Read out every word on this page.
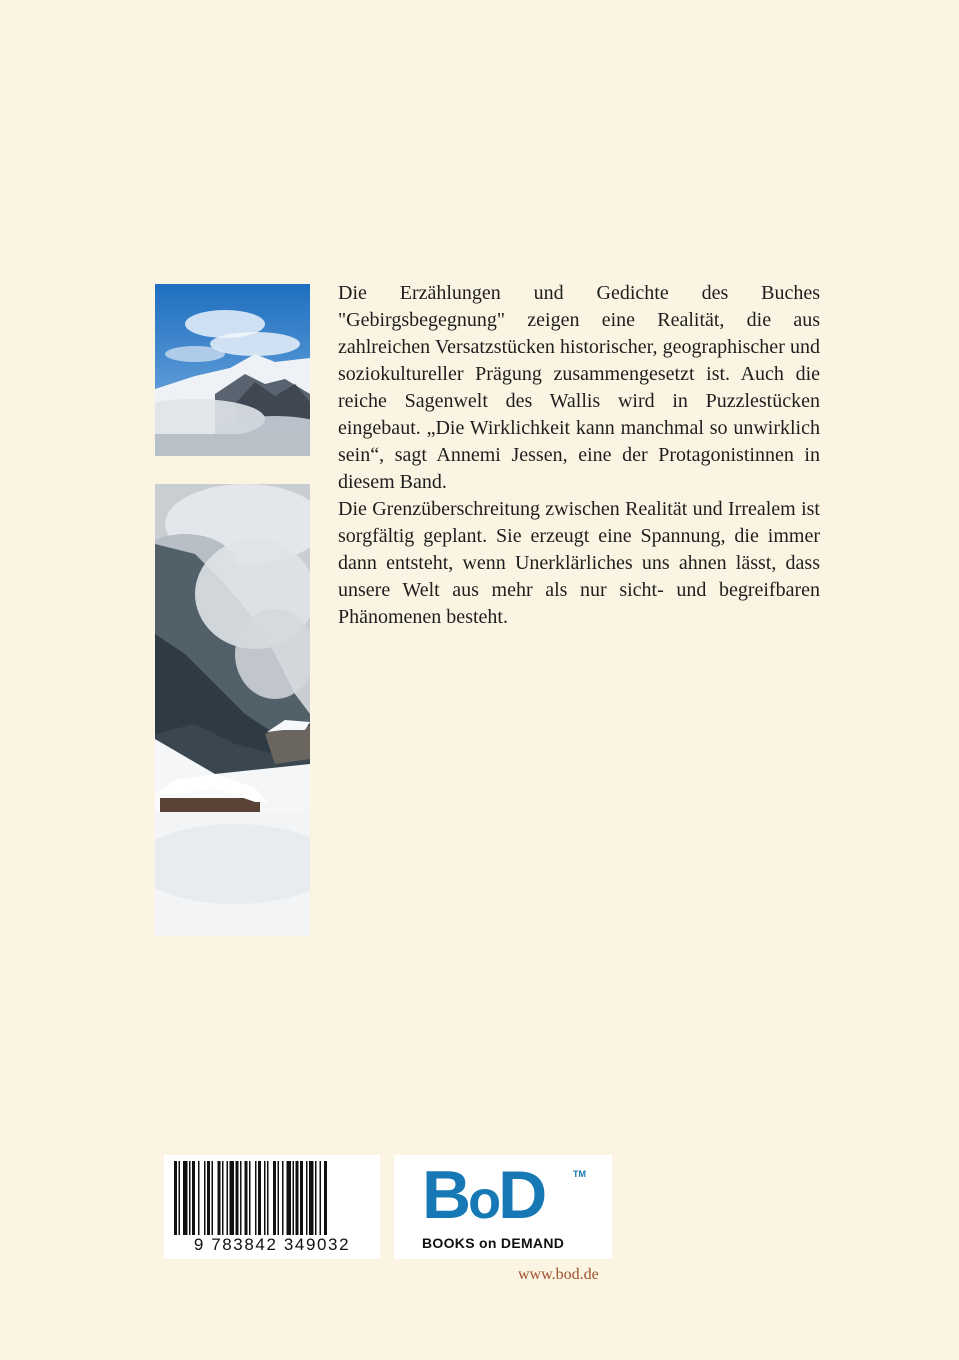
Die Erzählungen und Gedichte des Buches "Gebirgsbegegnung" zeigen eine Realität, die aus zahlreichen Versatzstücken historischer, geographischer und soziokultureller Prägung zusammengesetzt ist. Auch die reiche Sagenwelt des Wallis wird in Puzzlestücken eingebaut. „Die Wirklichkeit kann manchmal so unwirklich sein“, sagt Annemi Jessen, eine der Protagonistinnen in diesem Band.

Die Grenzüberschreitung zwischen Realität und Irrealem ist sorgfältig geplant. Sie erzeugt eine Spannung, die immer dann entsteht, wenn Unerklärliches uns ahnen lässt, dass unsere Welt aus mehr als nur sicht- und begreifbaren Phänomenen besteht.

9 783842 349032
BoD	TM
BOOKS on DEMAND
www.bod.de
